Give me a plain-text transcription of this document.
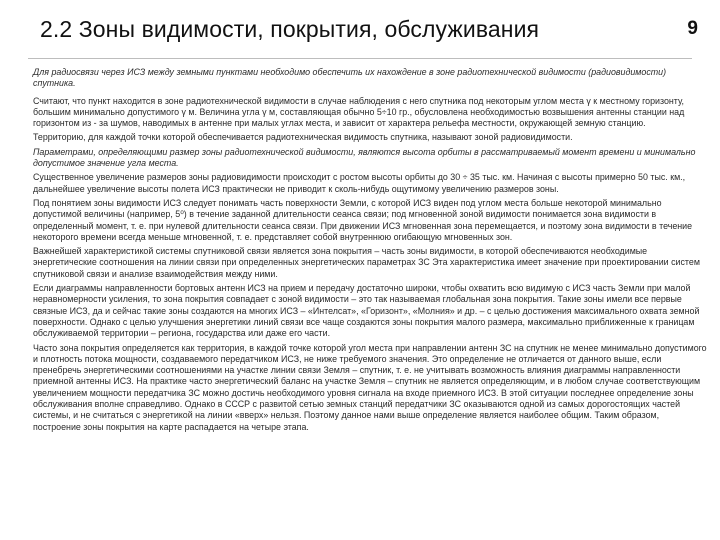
2.2 Зоны видимости, покрытия, обслуживания	9

Для радиосвязи через ИСЗ между земными пунктами необходимо обеспечить их нахождение в зоне радиотехнической видимости (радиовидимости) спутника.

Считают, что пункт находится в зоне радиотехнической видимости в случае наблюдения с него спутника под некоторым углом места γ к местному горизонту, большим минимально допустимого γ м. Величина угла γ м, составляющая обычно 5÷10 гр., обусловлена необходимостью возвышения антенны станции над горизонтом из - за шумов, наводимых в антенне при малых углах места, и зависит от характера рельефа местности, окружающей земную станцию.

Территорию, для каждой точки которой обеспечивается радиотехническая видимость спутника, называют зоной радиовидимости.

Параметрами, определяющими размер зоны радиотехнической видимости, являются высота орбиты в рассматриваемый момент времени и минимально допустимое значение угла места.

Существенное увеличение размеров зоны радиовидимости происходит с ростом высоты орбиты до 30 ÷ 35 тыс. км. Начиная с высоты примерно 50 тыс. км., дальнейшее увеличение высоты полета ИСЗ практически не приводит к сколь-нибудь ощутимому увеличению размеров зоны.

Под понятием зоны видимости ИСЗ следует понимать часть поверхности Земли, с которой ИСЗ виден под углом места больше некоторой минимально допустимой величины (например, 5⁰) в течение заданной длительности сеанса связи; под мгновенной зоной видимости понимается зона видимости в определенный момент, т. е. при нулевой длительности сеанса связи. При движении ИСЗ мгновенная зона перемещается, и поэтому зона видимости в течение некоторого времени всегда меньше мгновенной, т. е. представляет собой внутреннюю огибающую мгновенных зон.

Важнейшей характеристикой системы спутниковой связи является зона покрытия – часть зоны видимости, в которой обеспечиваются необходимые энергетические соотношения на линии связи при определенных энергетических параметрах ЗС Эта характеристика имеет значение при проектировании систем спутниковой связи и анализе взаимодействия между ними.

Если диаграммы направленности бортовых антенн ИСЗ на прием и передачу достаточно широки, чтобы охватить всю видимую с ИСЗ часть Земли при малой неравномерности усиления, то зона покрытия совпадает с зоной видимости – это так называемая глобальная зона покрытия. Такие зоны имели все первые связные ИСЗ, да и сейчас такие зоны создаются на многих ИСЗ – «Интелсат», «Горизонт», «Молния» и др. – с целью достижения максимального охвата земной поверхности. Однако с целью улучшения энергетики линий связи все чаще создаются зоны покрытия малого размера, максимально приближенные к границам обслуживаемой территории – региона, государства или даже его части.

Часто зона покрытия определяется как территория, в каждой точке которой угол места при направлении антенн ЗС на спутник не менее минимально допустимого и плотность потока мощности, создаваемого передатчиком ИСЗ, не ниже требуемого значения. Это определение не отличается от данного выше, если пренебречь энергетическими соотношениями на участке линии связи Земля – спутник, т. е. не учитывать возможность влияния диаграммы направленности приемной антенны ИСЗ. На практике часто энергетический баланс на участке Земля – спутник не является определяющим, и в любом случае соответствующим увеличением мощности передатчика ЗС можно достичь необходимого уровня сигнала на входе приемного ИСЗ. В этой ситуации последнее определение зоны обслуживания вполне справедливо. Однако в СССР с развитой сетью земных станций передатчики ЗС оказываются одной из самых дорогостоящих частей системы, и не считаться с энергетикой на линии «вверх» нельзя. Поэтому данное нами выше определение является наиболее общим. Таким образом, построение зоны покрытия на карте распадается на четыре этапа.
